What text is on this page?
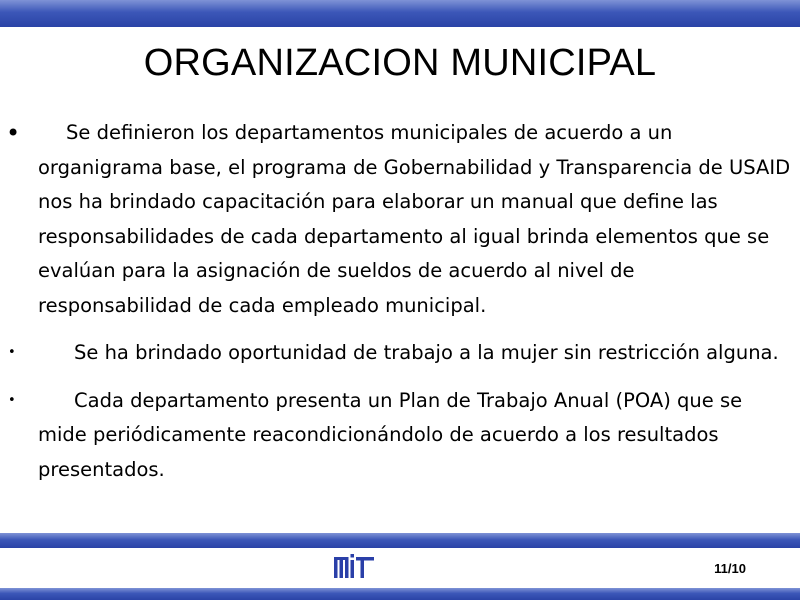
ORGANIZACION MUNICIPAL
• Se definieron los departamentos municipales de acuerdo a un organigrama base, el programa de Gobernabilidad y Transparencia de USAID nos ha brindado capacitación para elaborar un manual que define las responsabilidades de cada departamento al igual brinda elementos que se evalúan para la asignación de sueldos de acuerdo al nivel de responsabilidad de cada empleado municipal.
•	Se ha brindado oportunidad de trabajo a la mujer sin restricción alguna.
•	Cada departamento presenta un Plan de Trabajo Anual (POA) que se mide periódicamente reacondicionándolo de acuerdo a los resultados presentados.
11/10
